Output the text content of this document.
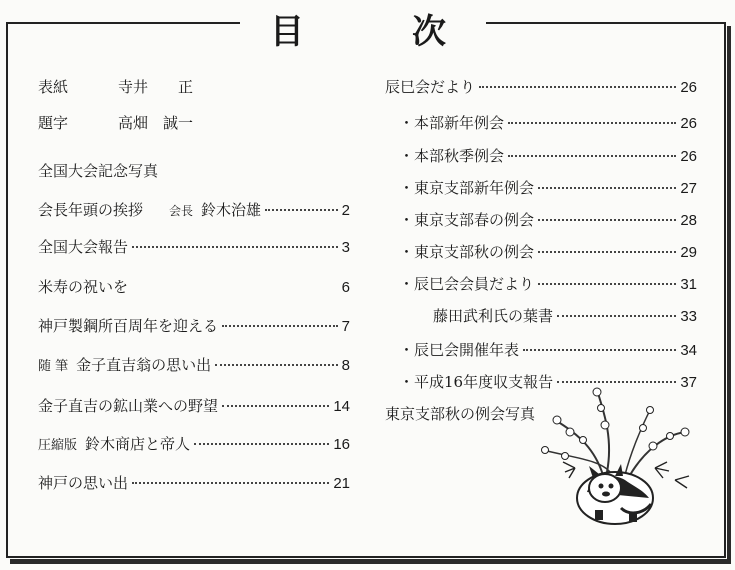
目	次
表紙	寺井　　正
題字	高畑　誠一
全国大会記念写真
会長年頭の挨拶 会長 鈴木治雄	2
全国大会報告	3
米寿の祝いを	6
神戸製鋼所百周年を迎える	7
随 筆 金子直吉翁の思い出	8
金子直吉の鉱山業への野望	14
圧縮版 鈴木商店と帝人	16
神戸の思い出	21
辰巳会だより	26
・本部新年例会	26
・本部秋季例会	26
・東京支部新年例会	27
・東京支部春の例会	28
・東京支部秋の例会	29
・辰巳会会員だより	31
藤田武利氏の葉書	33
・辰巳会開催年表	34
・平成16年度収支報告	37
東京支部秋の例会写真
